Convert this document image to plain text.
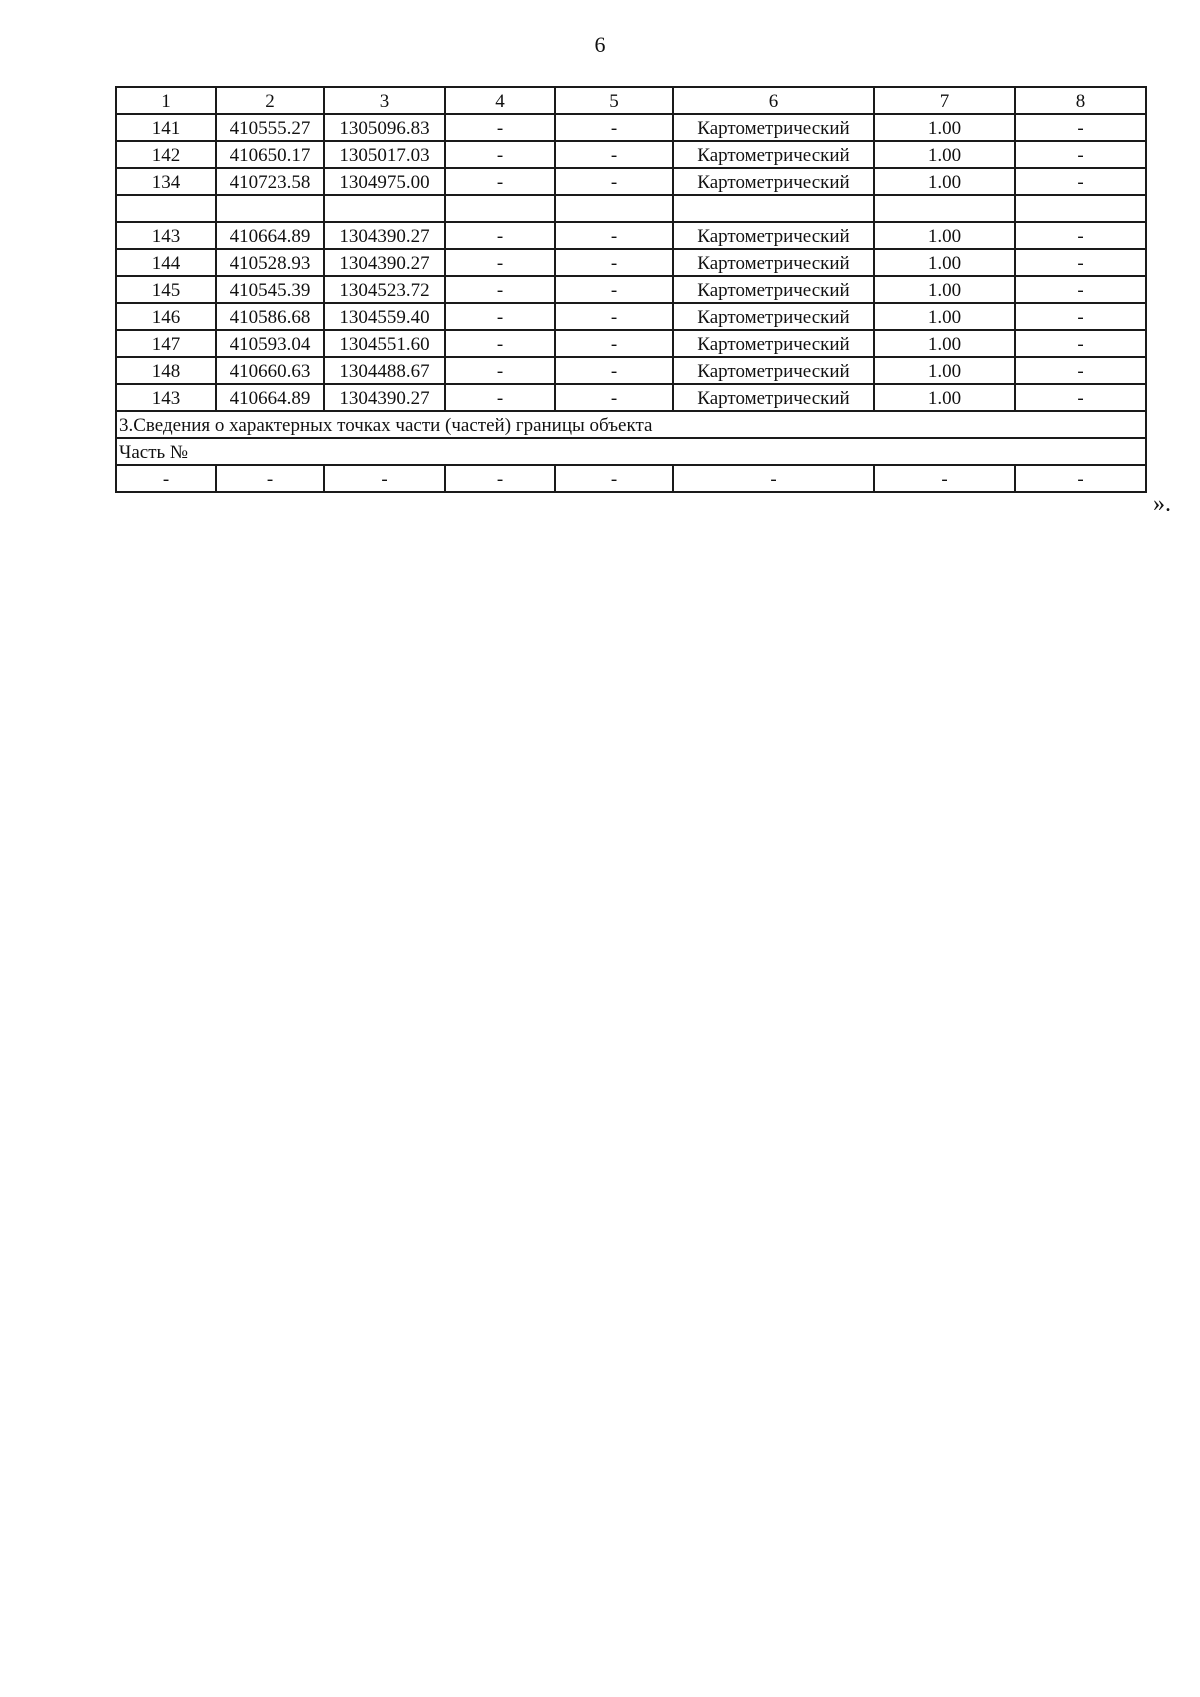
6
1	2	3	4	5	6	7	8
141	410555.27	1305096.83	-	-	Картометрический	1.00	-
142	410650.17	1305017.03	-	-	Картометрический	1.00	-
134	410723.58	1304975.00	-	-	Картометрический	1.00	-

143	410664.89	1304390.27	-	-	Картометрический	1.00	-
144	410528.93	1304390.27	-	-	Картометрический	1.00	-
145	410545.39	1304523.72	-	-	Картометрический	1.00	-
146	410586.68	1304559.40	-	-	Картометрический	1.00	-
147	410593.04	1304551.60	-	-	Картометрический	1.00	-
148	410660.63	1304488.67	-	-	Картометрический	1.00	-
143	410664.89	1304390.27	-	-	Картометрический	1.00	-
3.Сведения о характерных точках части (частей) границы объекта							
Часть №							
-	-	-	-	-	-	-	-
».
